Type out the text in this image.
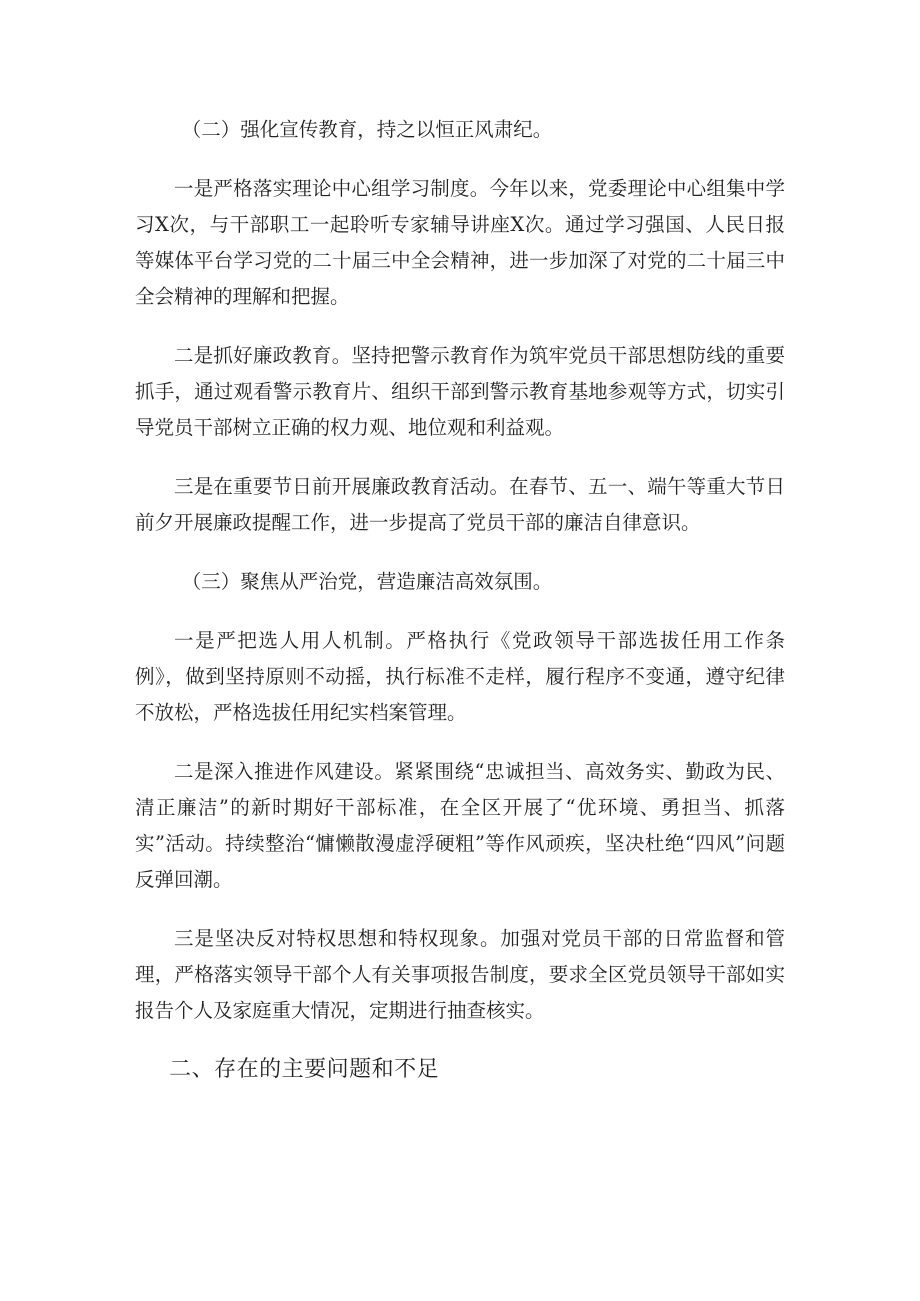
（二）强化宣传教育，持之以恒正风肃纪。

一是严格落实理论中心组学习制度。今年以来，党委理论中心组集中学习X次，与干部职工一起聆听专家辅导讲座X次。通过学习强国、人民日报等媒体平台学习党的二十届三中全会精神，进一步加深了对党的二十届三中全会精神的理解和把握。

二是抓好廉政教育。坚持把警示教育作为筑牢党员干部思想防线的重要抓手，通过观看警示教育片、组织干部到警示教育基地参观等方式，切实引导党员干部树立正确的权力观、地位观和利益观。

三是在重要节日前开展廉政教育活动。在春节、五一、端午等重大节日前夕开展廉政提醒工作，进一步提高了党员干部的廉洁自律意识。

（三）聚焦从严治党，营造廉洁高效氛围。

一是严把选人用人机制。严格执行《党政领导干部选拔任用工作条例》，做到坚持原则不动摇，执行标准不走样，履行程序不变通，遵守纪律不放松，严格选拔任用纪实档案管理。

二是深入推进作风建设。紧紧围绕“忠诚担当、高效务实、勤政为民、清正廉洁”的新时期好干部标准，在全区开展了“优环境、勇担当、抓落实”活动。持续整治“慵懒散漫虚浮硬粗”等作风顽疾，坚决杜绝“四风”问题反弹回潮。

三是坚决反对特权思想和特权现象。加强对党员干部的日常监督和管理，严格落实领导干部个人有关事项报告制度，要求全区党员领导干部如实报告个人及家庭重大情况，定期进行抽查核实。

二、存在的主要问题和不足
